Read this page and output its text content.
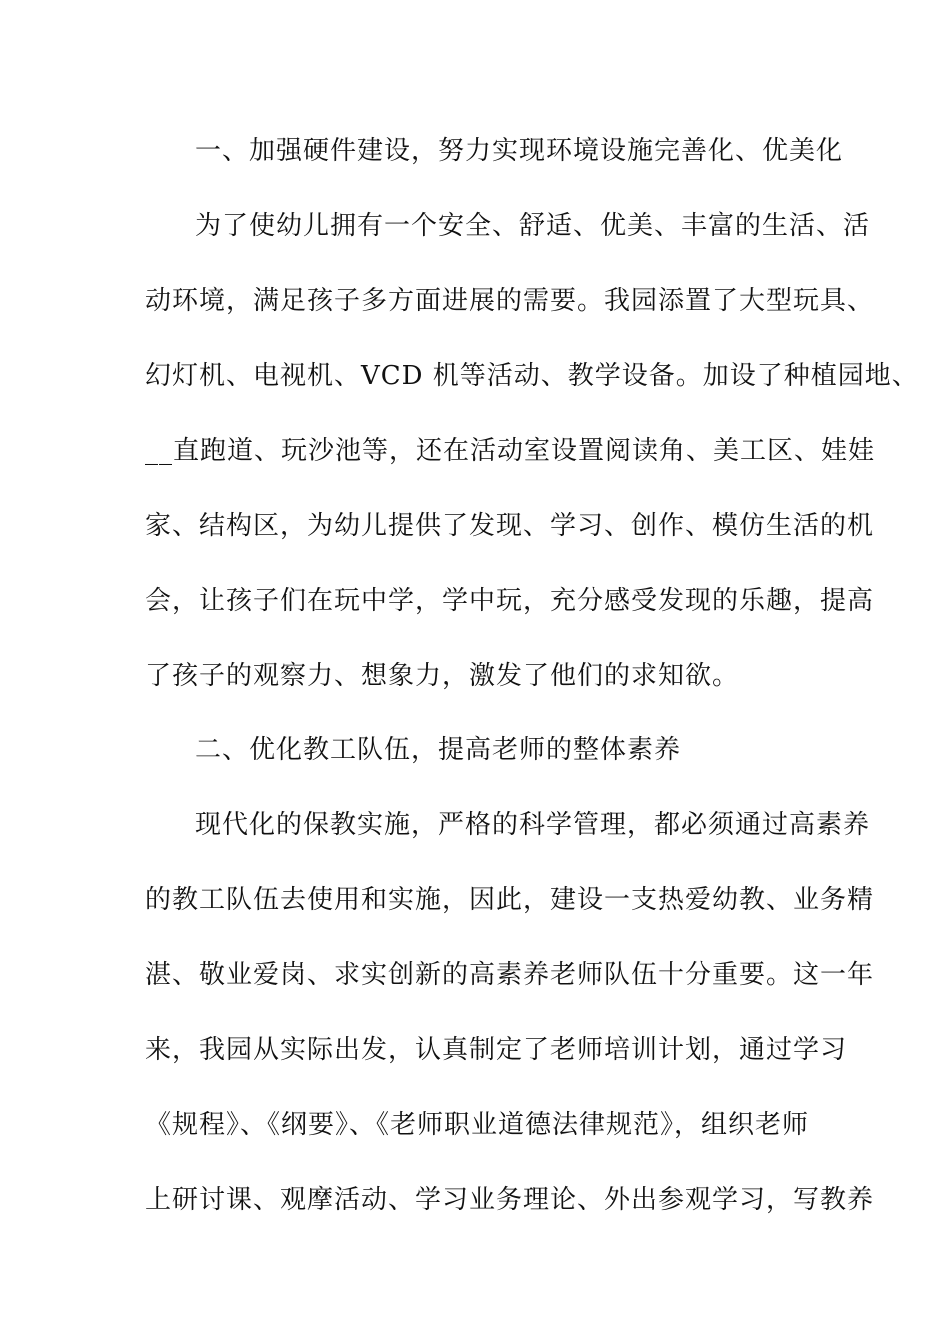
一、加强硬件建设，努力实现环境设施完善化、优美化
为了使幼儿拥有一个安全、舒适、优美、丰富的生活、活
动环境，满足孩子多方面进展的需要。我园添置了大型玩具、
幻灯机、电视机、VCD 机等活动、教学设备。加设了种植园地、
__直跑道、玩沙池等，还在活动室设置阅读角、美工区、娃娃
家、结构区，为幼儿提供了发现、学习、创作、模仿生活的机
会，让孩子们在玩中学，学中玩，充分感受发现的乐趣，提高
了孩子的观察力、想象力，激发了他们的求知欲。
二、优化教工队伍，提高老师的整体素养
现代化的保教实施，严格的科学管理，都必须通过高素养
的教工队伍去使用和实施，因此，建设一支热爱幼教、业务精
湛、敬业爱岗、求实创新的高素养老师队伍十分重要。这一年
来，我园从实际出发，认真制定了老师培训计划，通过学习
《规程》、《纲要》、《老师职业道德法律规范》，组织老师
上研讨课、观摩活动、学习业务理论、外出参观学习，写教养
